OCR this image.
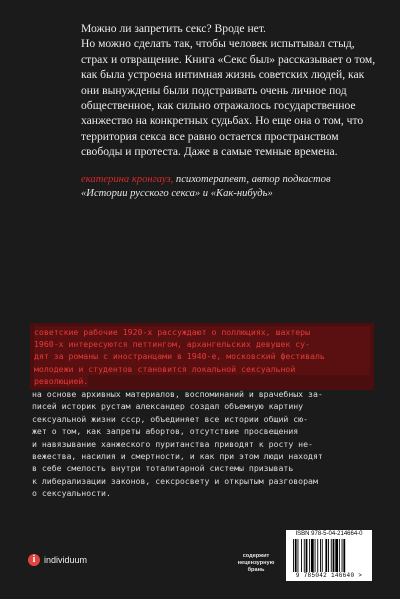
Можно ли запретить секс? Вроде нет.

Но можно сделать так, чтобы человек испытывал стыд, страх и отвращение. Книга «Секс был» рассказывает о том, как была устроена интимная жизнь советских людей, как они вынуждены были подстраивать очень личное под общественное, как сильно отражалось государственное ханжество на конкретных судьбах. Но еще она о том, что территория секса все равно остается пространством свободы и протеста. Даже в самые темные времена.

екатерина кронгауз, психотерапевт, автор подкастов
«Истории русского секса» и «Как-нибудь»
советские рабочие 1920-х рассуждают о поллюциях, шахтеры
1960-х интересуются петтингом, архангельских девушек су-
дят за романы с иностранцами в 1940-е, московский фестиваль
молодежи и студентов становится локальной сексуальной
революцией.
на основе архивных материалов, воспоминаний и врачебных за-
писей историк рустам александер создал объемную картину
сексуальной жизни ссср, объединяет все истории общий сю-
жет о том, как запреты абортов, отсутствие просвещения
и навязывание ханжеского пуританства приводят к росту не-
вежества, насилия и смертности, и как при этом люди находят
в себе смелость внутри тоталитарной системы призывать
к либерализации законов, сексросвету и открытым разговорам
о сексуальности.
i individuum	содержит
нецензурную
брань
ISBN 978-5-04-214664-0
9 785042 146640 >
